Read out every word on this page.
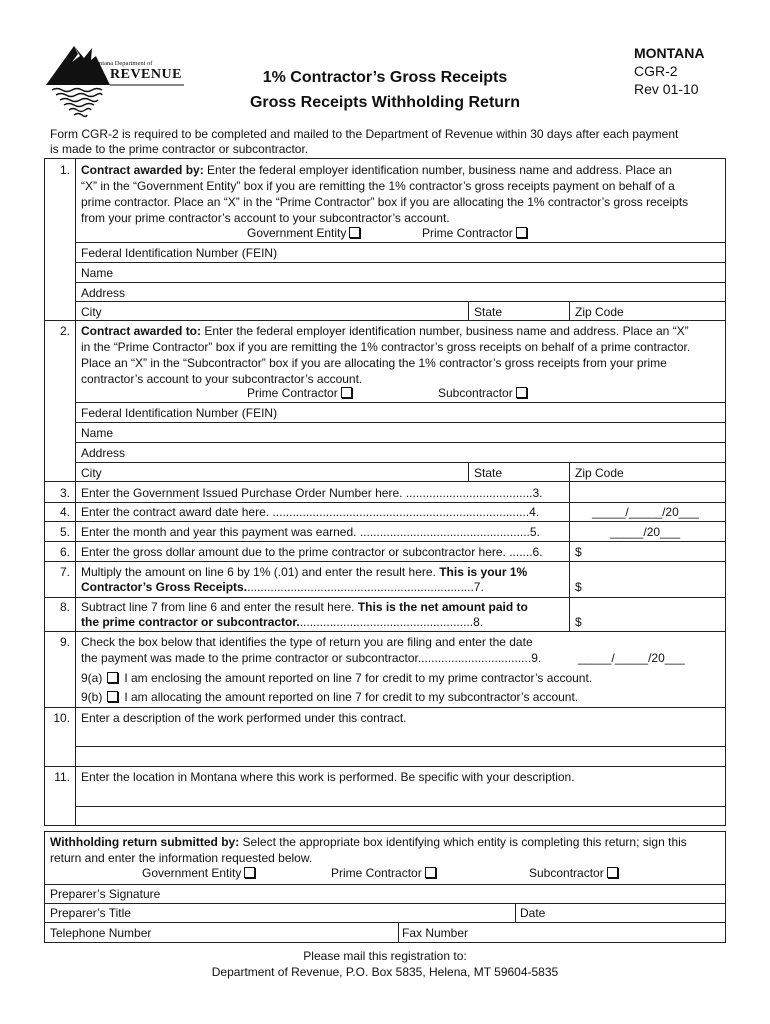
Montana Department of
REVENUE	1% Contractor’s Gross Receipts
Gross Receipts Withholding Return
MONTANA
CGR-2
Rev 01-10
Form CGR-2 is required to be completed and mailed to the Department of Revenue within 30 days after each payment
is made to the prime contractor or subcontractor.
1. Contract awarded by: Enter the federal employer identification number, business name and address. Place an
“X” in the “Government Entity” box if you are remitting the 1% contractor’s gross receipts payment on behalf of a
prime contractor. Place an “X” in the “Prime Contractor” box if you are allocating the 1% contractor’s gross receipts
from your prime contractor’s account to your subcontractor’s account.
Government Entity	Prime Contractor
Federal Identification Number (FEIN)
Name
Address
City	State	Zip Code
2. Contract awarded to: Enter the federal employer identification number, business name and address. Place an “X”
in the “Prime Contractor” box if you are remitting the 1% contractor’s gross receipts on behalf of a prime contractor.
Place an “X” in the “Subcontractor” box if you are allocating the 1% contractor’s gross receipts from your prime
contractor’s account to your subcontractor’s account.
Prime Contractor	Subcontractor
Federal Identification Number (FEIN)
Name
Address
City	State	Zip Code
3. Enter the Government Issued Purchase Order Number here. ......................................3.
4. Enter the contract award date here. .............................................................................4.	_____/_____/20___
5. Enter the month and year this payment was earned. ...................................................5.	_____/20___
6. Enter the gross dollar amount due to the prime contractor or subcontractor here. .......6.	$
7. Multiply the amount on line 6 by 1% (.01) and enter the result here. This is your 1%
Contractor’s Gross Receipts.....................................................................7.	$
8. Subtract line 7 from line 6 and enter the result here. This is the net amount paid to
the prime contractor or subcontractor.....................................................8.	$
9. Check the box below that identifies the type of return you are filing and enter the date
the payment was made to the prime contractor or subcontractor..................................9.	_____/_____/20___
9(a) I am enclosing the amount reported on line 7 for credit to my prime contractor’s account.
9(b) I am allocating the amount reported on line 7 for credit to my subcontractor’s account.
10. Enter a description of the work performed under this contract.
11. Enter the location in Montana where this work is performed. Be specific with your description.
Withholding return submitted by: Select the appropriate box identifying which entity is completing this return; sign this
return and enter the information requested below.
Government Entity	Prime Contractor	Subcontractor
Preparer’s Signature
Preparer’s Title	Date
Telephone Number	Fax Number
Please mail this registration to:
Department of Revenue, P.O. Box 5835, Helena, MT 59604-5835
